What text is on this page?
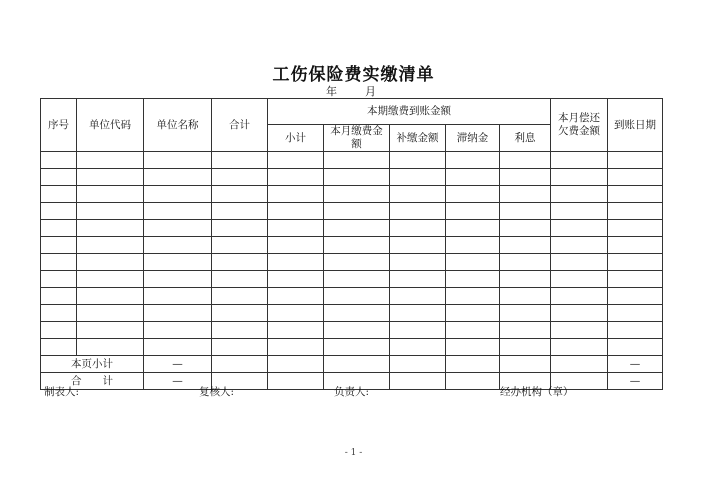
工伤保险费实缴清单
年	月
序号	单位代码	单位名称	合计	本期缴费到账金额					本月偿还欠费金额	到账日期
				小计	本月缴费金额	补缴金额	滞纳金	利息		

本页小计		—								—
合　　计		—								—
制表人:	复核人:	负责人:	经办机构（章）
- 1 -
